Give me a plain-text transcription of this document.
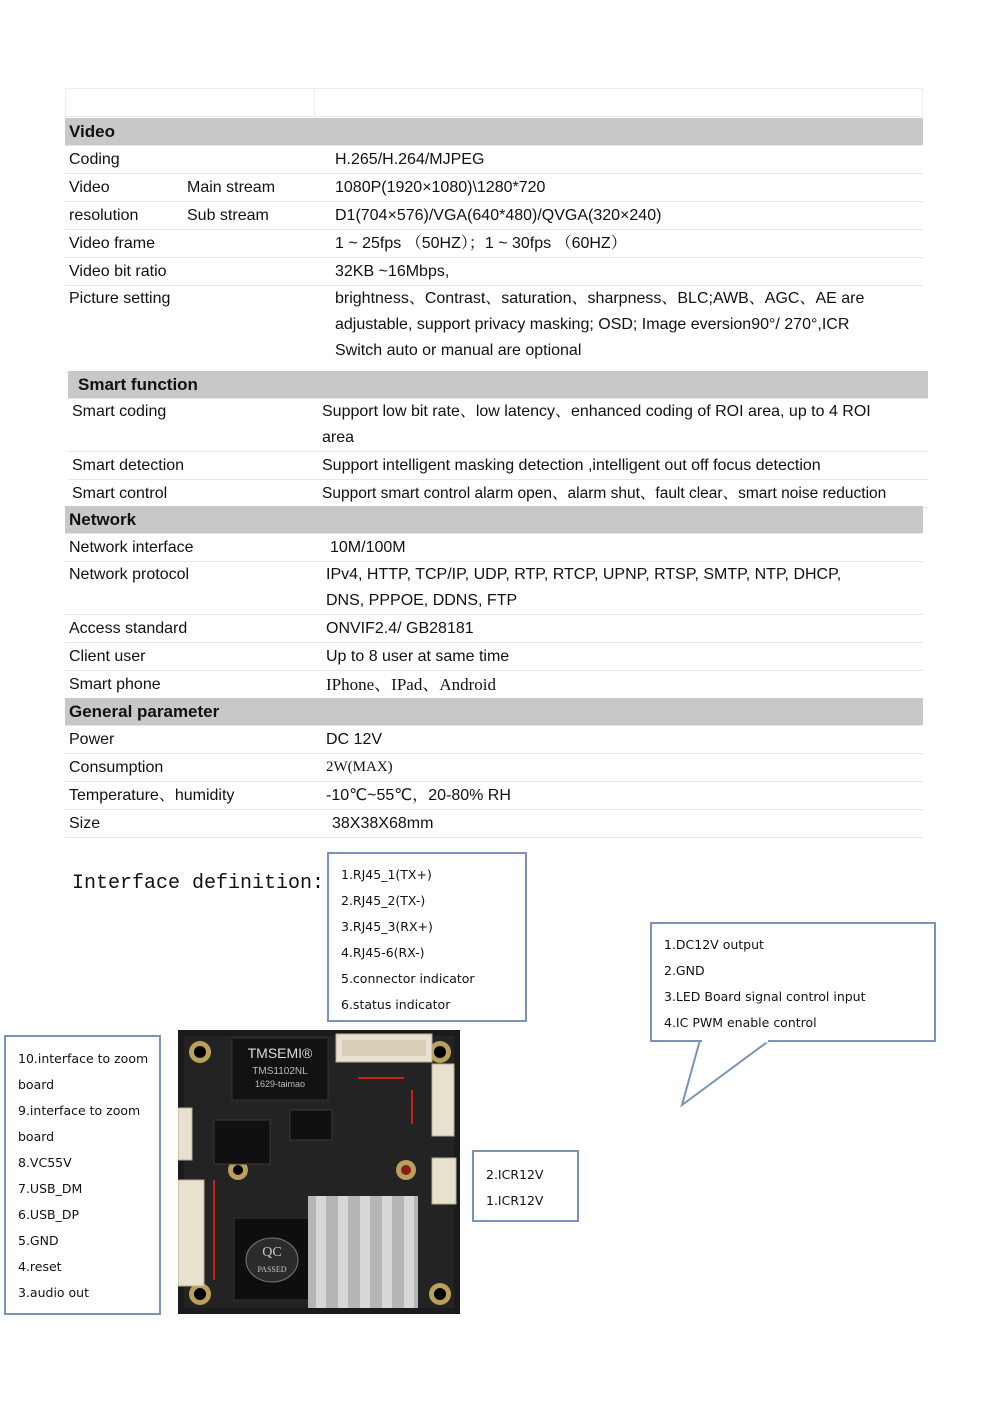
Video		
Coding		H.265/H.264/MJPEG
Video	Main stream	1080P(1920×1080)\1280*720
resolution	Sub stream	D1(704×576)/VGA(640*480)/QVGA(320×240)
Video frame		1 ~ 25fps （50HZ）；1 ~ 30fps （60HZ）
Video bit ratio		32KB ~16Mbps,
Picture setting		brightness、Contrast、saturation、sharpness、BLC;AWB、AGC、AE are
adjustable, support privacy masking; OSD; Image eversion90°/ 270°,ICR
Switch auto or manual are optional
Smart function	
Smart coding	Support low bit rate、low latency、enhanced coding of ROI area, up to 4 ROI
area

Smart detection	Support intelligent masking detection ,intelligent out off focus detection
Smart control	Support smart control alarm open、alarm shut、fault clear、smart noise reduction
Network	
Network interface	10M/100M
Network protocol	IPv4, HTTP, TCP/IP, UDP, RTP, RTCP, UPNP, RTSP, SMTP, NTP, DHCP,
DNS, PPPOE, DDNS, FTP

Access standard	ONVIF2.4/ GB28181
Client user	Up to 8 user at same time
Smart phone	IPhone、IPad、Android
General parameter	
Power	DC 12V
Consumption	2W(MAX)
Temperature、humidity	-10℃~55℃，20-80% RH
Size	38X38X68mm
Interface definition: 1.RJ45_1(TX+)
2.RJ45_2(TX-)
3.RJ45_3(RX+)
4.RJ45-6(RX-)
5.connector indicator
6.status indicator
1.DC12V output
2.GND
3.LED Board signal control input
4.IC PWM enable control
10.interface to zoom
board
9.interface to zoom
board
8.VC55V
7.USB_DM
6.USB_DP
5.GND
4.reset
3.audio out
2.ICR12V
1.ICR12V
TMSEMI®
TMS1102NL
1629-taimao
QC
PASSED
